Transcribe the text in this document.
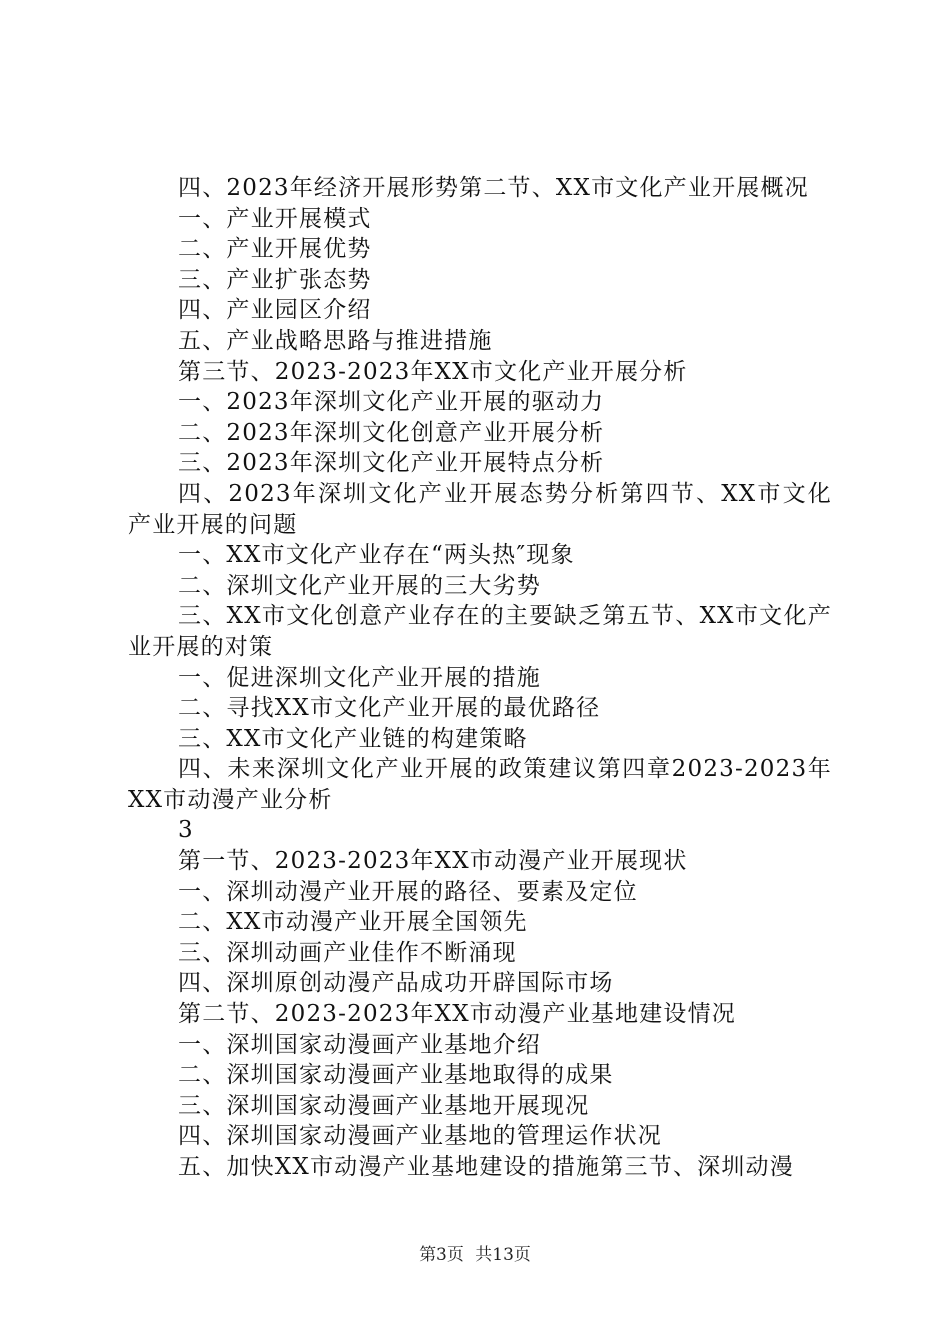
四、2023年经济开展形势第二节、XX市文化产业开展概况
一、产业开展模式
二、产业开展优势
三、产业扩张态势
四、产业园区介绍
五、产业战略思路与推进措施
第三节、2023-2023年XX市文化产业开展分析
一、2023年深圳文化产业开展的驱动力
二、2023年深圳文化创意产业开展分析
三、2023年深圳文化产业开展特点分析
四、2023年深圳文化产业开展态势分析第四节、XX市文化产业开展的问题
一、XX市文化产业存在“两头热″现象
二、深圳文化产业开展的三大劣势
三、XX市文化创意产业存在的主要缺乏第五节、XX市文化产业开展的对策
一、促进深圳文化产业开展的措施
二、寻找XX市文化产业开展的最优路径
三、XX市文化产业链的构建策略
四、未来深圳文化产业开展的政策建议第四章2023-2023年XX市动漫产业分析
3
第一节、2023-2023年XX市动漫产业开展现状
一、深圳动漫产业开展的路径、要素及定位
二、XX市动漫产业开展全国领先
三、深圳动画产业佳作不断涌现
四、深圳原创动漫产品成功开辟国际市场
第二节、2023-2023年XX市动漫产业基地建设情况
一、深圳国家动漫画产业基地介绍
二、深圳国家动漫画产业基地取得的成果
三、深圳国家动漫画产业基地开展现况
四、深圳国家动漫画产业基地的管理运作状况
五、加快XX市动漫产业基地建设的措施第三节、深圳动漫
第3页 共13页
